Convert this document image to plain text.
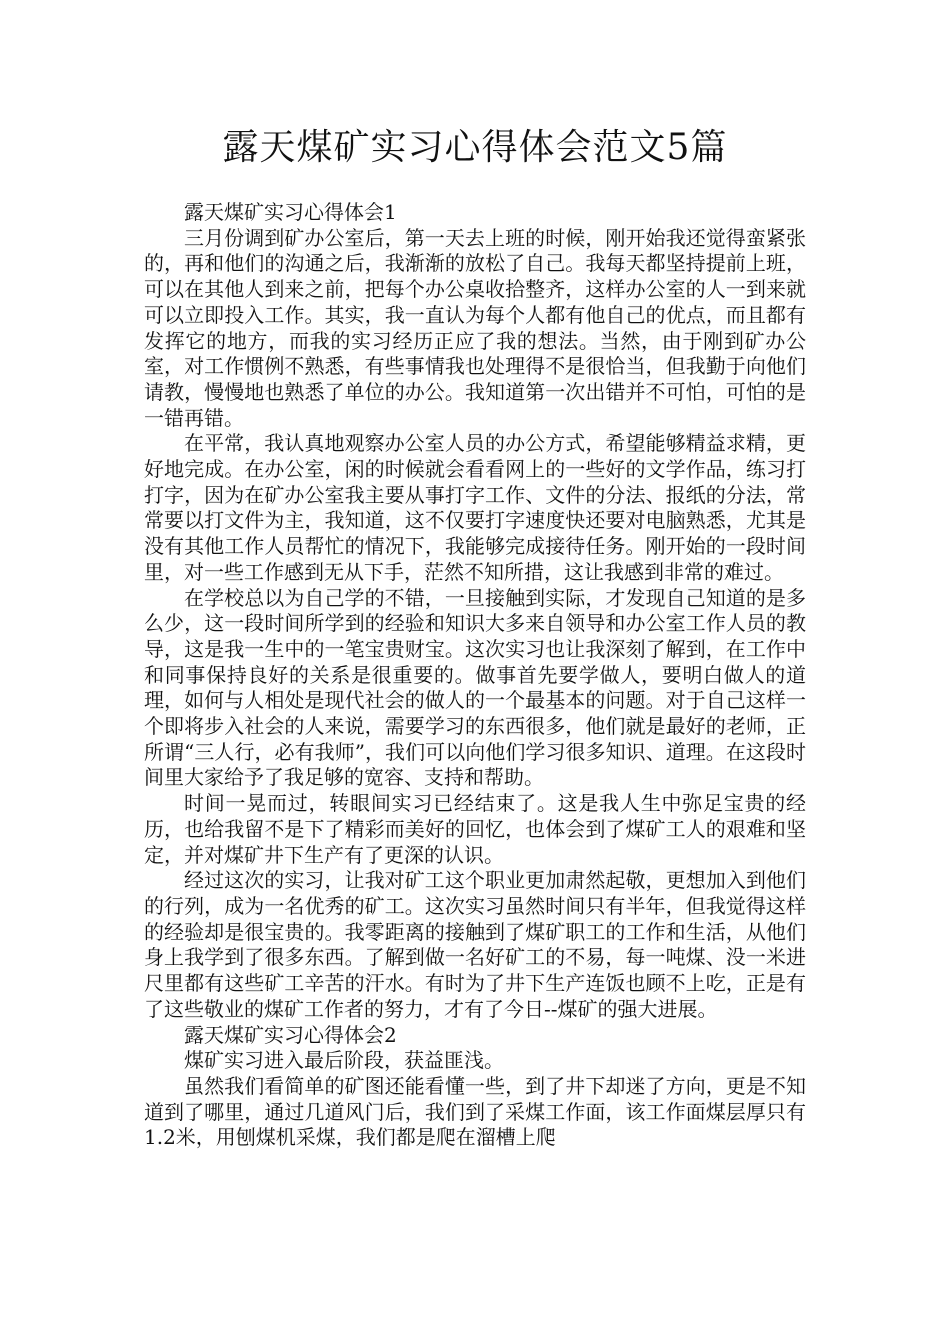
露天煤矿实习心得体会范文5篇

露天煤矿实习心得体会1

三月份调到矿办公室后，第一天去上班的时候，刚开始我还觉得蛮紧张的，再和他们的沟通之后，我渐渐的放松了自己。我每天都坚持提前上班，可以在其他人到来之前，把每个办公桌收拾整齐，这样办公室的人一到来就可以立即投入工作。其实，我一直认为每个人都有他自己的优点，而且都有发挥它的地方，而我的实习经历正应了我的想法。当然，由于刚到矿办公室，对工作惯例不熟悉，有些事情我也处理得不是很恰当，但我勤于向他们请教，慢慢地也熟悉了单位的办公。我知道第一次出错并不可怕，可怕的是一错再错。

在平常，我认真地观察办公室人员的办公方式，希望能够精益求精，更好地完成。在办公室，闲的时候就会看看网上的一些好的文学作品，练习打打字，因为在矿办公室我主要从事打字工作、文件的分法、报纸的分法，常常要以打文件为主，我知道，这不仅要打字速度快还要对电脑熟悉，尤其是没有其他工作人员帮忙的情况下，我能够完成接待任务。刚开始的一段时间里，对一些工作感到无从下手，茫然不知所措，这让我感到非常的难过。

在学校总以为自己学的不错，一旦接触到实际，才发现自己知道的是多么少，这一段时间所学到的经验和知识大多来自领导和办公室工作人员的教导，这是我一生中的一笔宝贵财宝。这次实习也让我深刻了解到，在工作中和同事保持良好的关系是很重要的。做事首先要学做人，要明白做人的道理，如何与人相处是现代社会的做人的一个最基本的问题。对于自己这样一个即将步入社会的人来说，需要学习的东西很多，他们就是最好的老师，正所谓“三人行，必有我师”，我们可以向他们学习很多知识、道理。在这段时间里大家给予了我足够的宽容、支持和帮助。

时间一晃而过，转眼间实习已经结束了。这是我人生中弥足宝贵的经历，也给我留不是下了精彩而美好的回忆，也体会到了煤矿工人的艰难和坚定，并对煤矿井下生产有了更深的认识。

经过这次的实习，让我对矿工这个职业更加肃然起敬，更想加入到他们的行列，成为一名优秀的矿工。这次实习虽然时间只有半年，但我觉得这样的经验却是很宝贵的。我零距离的接触到了煤矿职工的工作和生活，从他们身上我学到了很多东西。了解到做一名好矿工的不易，每一吨煤、没一米进尺里都有这些矿工辛苦的汗水。有时为了井下生产连饭也顾不上吃，正是有了这些敬业的煤矿工作者的努力，才有了今日--煤矿的强大进展。

露天煤矿实习心得体会2

煤矿实习进入最后阶段，获益匪浅。

虽然我们看简单的矿图还能看懂一些，到了井下却迷了方向，更是不知道到了哪里，通过几道风门后，我们到了采煤工作面，该工作面煤层厚只有1.2米，用刨煤机采煤，我们都是爬在溜槽上爬
